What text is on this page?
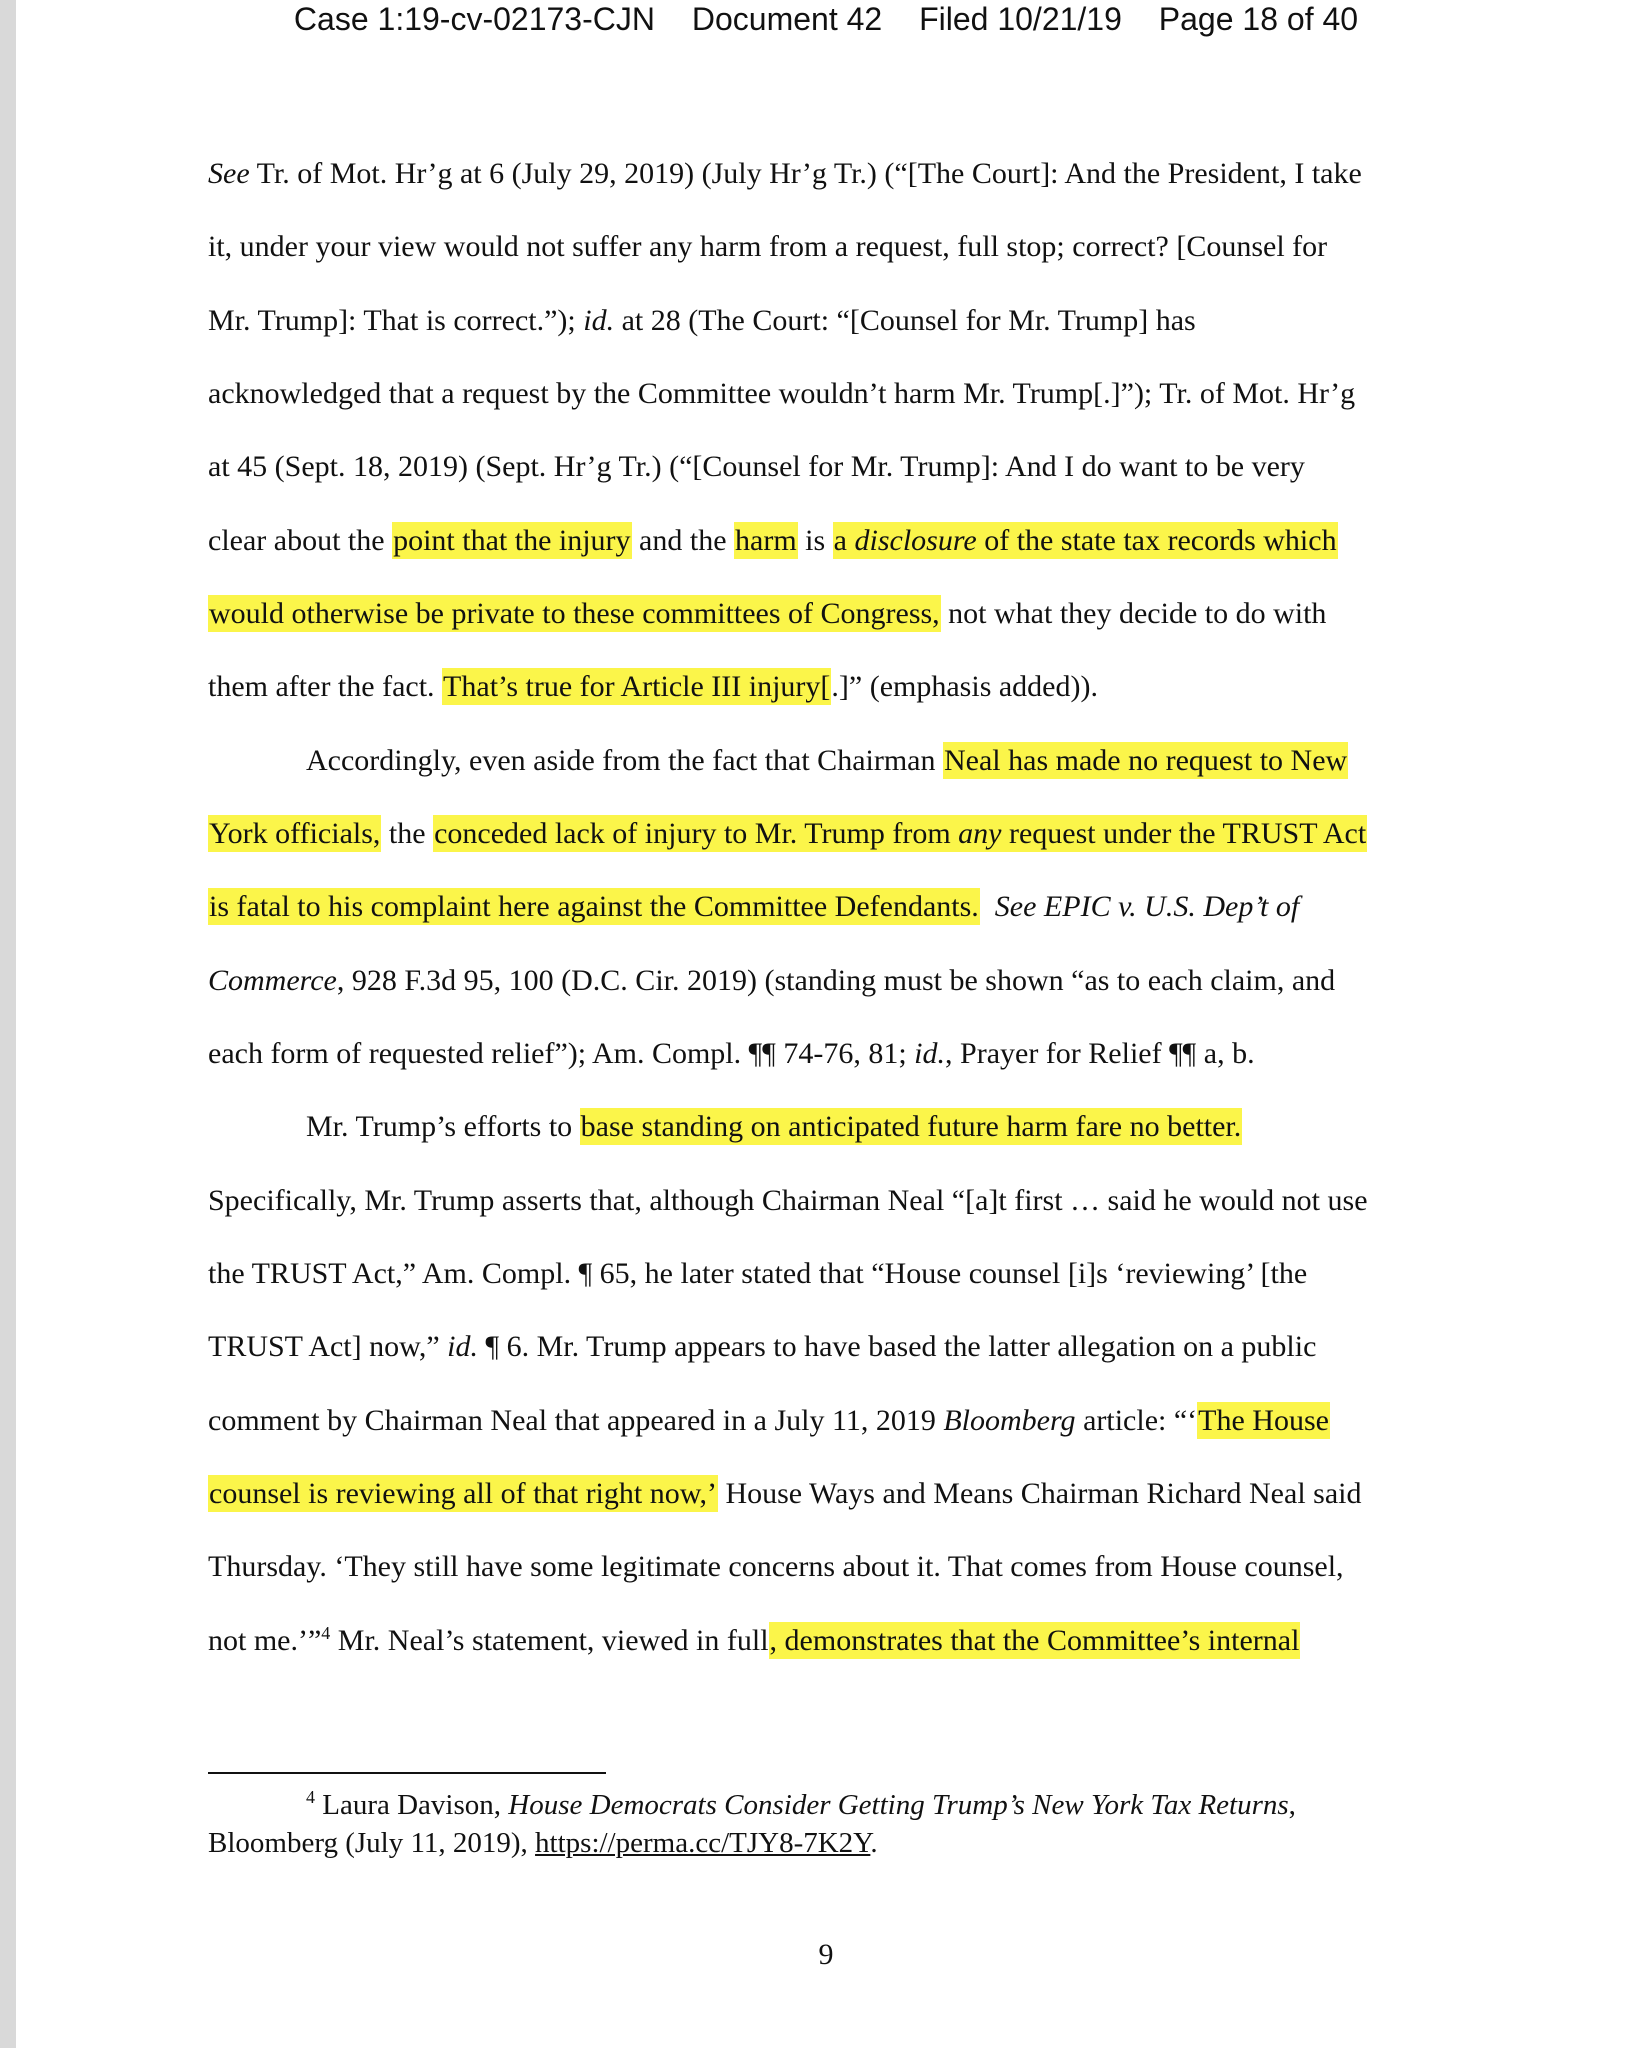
Case 1:19-cv-02173-CJN Document 42 Filed 10/21/19 Page 18 of 40
See Tr. of Mot. Hr’g at 6 (July 29, 2019) (July Hr’g Tr.) (“[The Court]: And the President, I take
it, under your view would not suffer any harm from a request, full stop; correct? [Counsel for
Mr. Trump]: That is correct.”); id. at 28 (The Court: “[Counsel for Mr. Trump] has
acknowledged that a request by the Committee wouldn’t harm Mr. Trump[.]”); Tr. of Mot. Hr’g
at 45 (Sept. 18, 2019) (Sept. Hr’g Tr.) (“[Counsel for Mr. Trump]: And I do want to be very
clear about the point that the injury and the harm is a disclosure of the state tax records which
would otherwise be private to these committees of Congress, not what they decide to do with
them after the fact. That’s true for Article III injury[.]” (emphasis added)).
Accordingly, even aside from the fact that Chairman Neal has made no request to New
York officials, the conceded lack of injury to Mr. Trump from any request under the TRUST Act
is fatal to his complaint here against the Committee Defendants. See EPIC v. U.S. Dep’t of
Commerce, 928 F.3d 95, 100 (D.C. Cir. 2019) (standing must be shown “as to each claim, and
each form of requested relief”); Am. Compl. ¶¶ 74-76, 81; id., Prayer for Relief ¶¶ a, b.
Mr. Trump’s efforts to base standing on anticipated future harm fare no better.
Specifically, Mr. Trump asserts that, although Chairman Neal “[a]t first … said he would not use
the TRUST Act,” Am. Compl. ¶ 65, he later stated that “House counsel [i]s ‘reviewing’ [the
TRUST Act] now,” id. ¶ 6. Mr. Trump appears to have based the latter allegation on a public
comment by Chairman Neal that appeared in a July 11, 2019 Bloomberg article: “‘The House
counsel is reviewing all of that right now,’ House Ways and Means Chairman Richard Neal said
Thursday. ‘They still have some legitimate concerns about it. That comes from House counsel,
not me.’”$^4$ Mr. Neal’s statement, viewed in full, demonstrates that the Committee’s internal
$^4$ Laura Davison, House Democrats Consider Getting Trump’s New York Tax Returns,
Bloomberg (July 11, 2019), https://perma.cc/TJY8-7K2Y.
9
